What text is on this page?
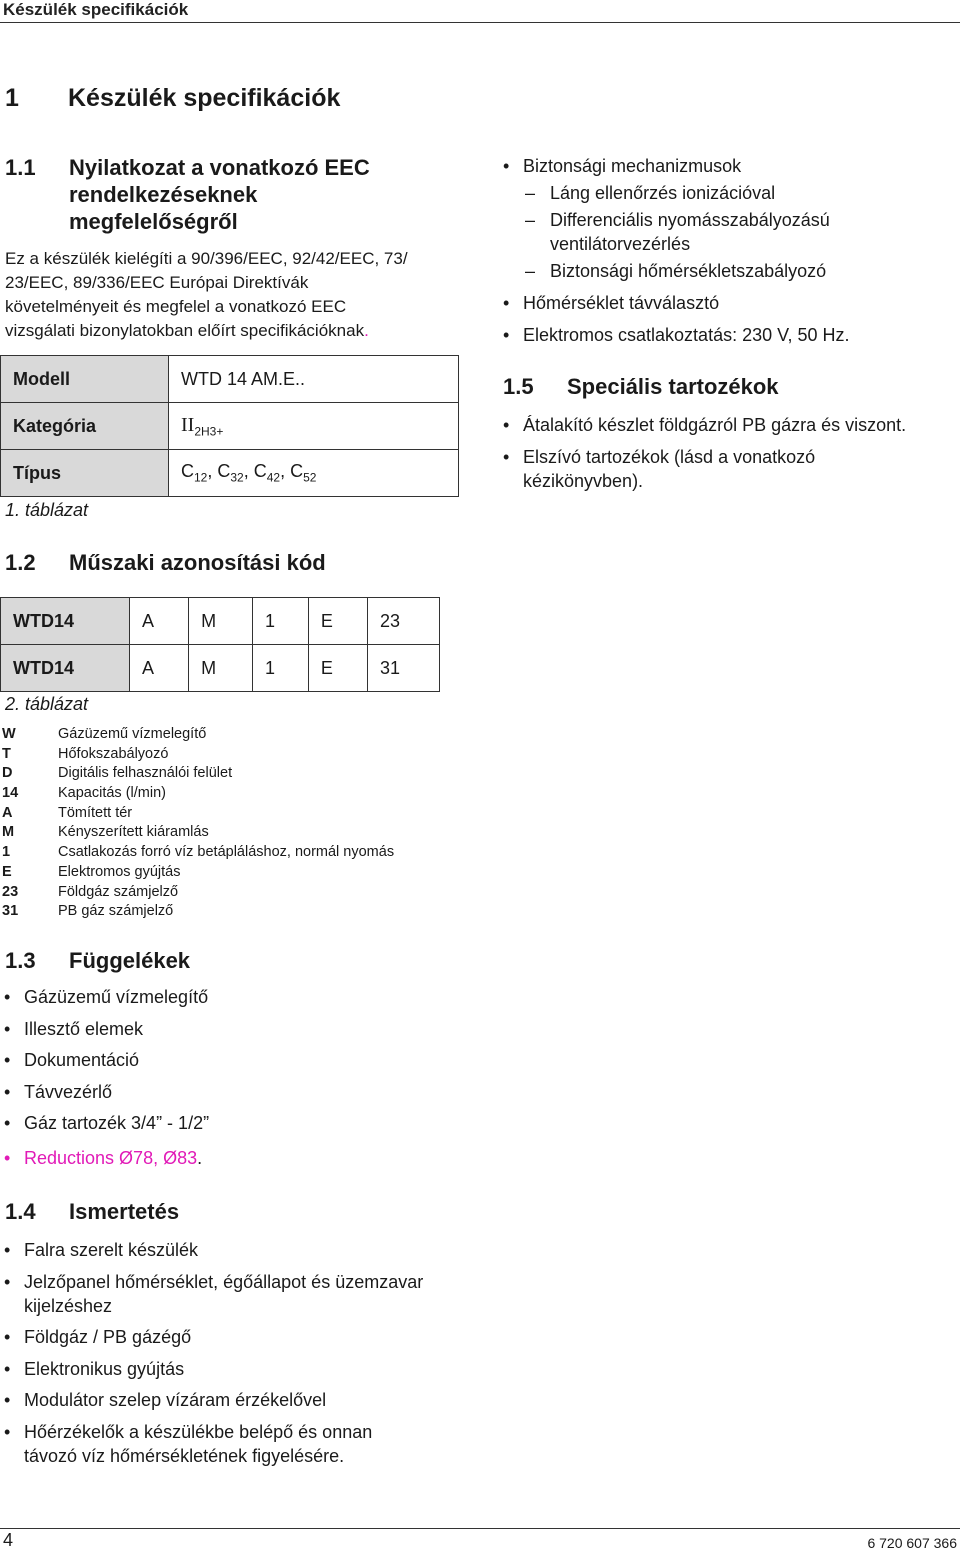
Készülék specifikációk
1 Készülék specifikációk
1.1 Nyilatkozat a vonatkozó EEC
rendelkezéseknek
megfelelőségről
Ez a készülék kielégíti a 90/396/EEC, 92/42/EEC, 73/
23/EEC, 89/336/EEC Európai Direktívák
követelményeit és megfelel a vonatkozó EEC
vizsgálati bizonylatokban előírt specifikációknak.
Modell	WTD 14 AM.E..
Kategória	$II_{2H3+}$
Típus	$C_{12}$, $C_{32}$, $C_{42}$, $C_{52}$
1. táblázat
1.2 Műszaki azonosítási kód
WTD14	A	M	1	E	23
WTD14	A	M	1	E	31
2. táblázat
W	Gázüzemű vízmelegítő
T	Hőfokszabályozó
D	Digitális felhasználói felület
14	Kapacitás (l/min)
A	Tömített tér
M	Kényszerített kiáramlás
1	Csatlakozás forró víz betápláláshoz, normál nyomás
E	Elektromos gyújtás
23	Földgáz számjelző
31	PB gáz számjelző
1.3 Függelékek
• Gázüzemű vízmelegítő
• Illesztő elemek
• Dokumentáció
• Távvezérlő
• Gáz tartozék 3/4” - 1/2”
• Reductions Ø78, Ø83.
1.4 Ismertetés
• Falra szerelt készülék
• Jelzőpanel hőmérséklet, égőállapot és üzemzavar
kijelzéshez
• Földgáz / PB gázégő
• Elektronikus gyújtás
• Modulátor szelep vízáram érzékelővel
• Hőérzékelők a készülékbe belépő és onnan
távozó víz hőmérsékletének figyelésére.
• Biztonsági mechanizmusok
– Láng ellenőrzés ionizációval
– Differenciális nyomásszabályozású
ventilátorvezérlés
– Biztonsági hőmérsékletszabályozó
• Hőmérséklet távválasztó
• Elektromos csatlakoztatás: 230 V, 50 Hz.
1.5 Speciális tartozékok
• Átalakító készlet földgázról PB gázra és viszont.
• Elszívó tartozékok (lásd a vonatkozó
kézikönyvben).
4	6 720 607 366
